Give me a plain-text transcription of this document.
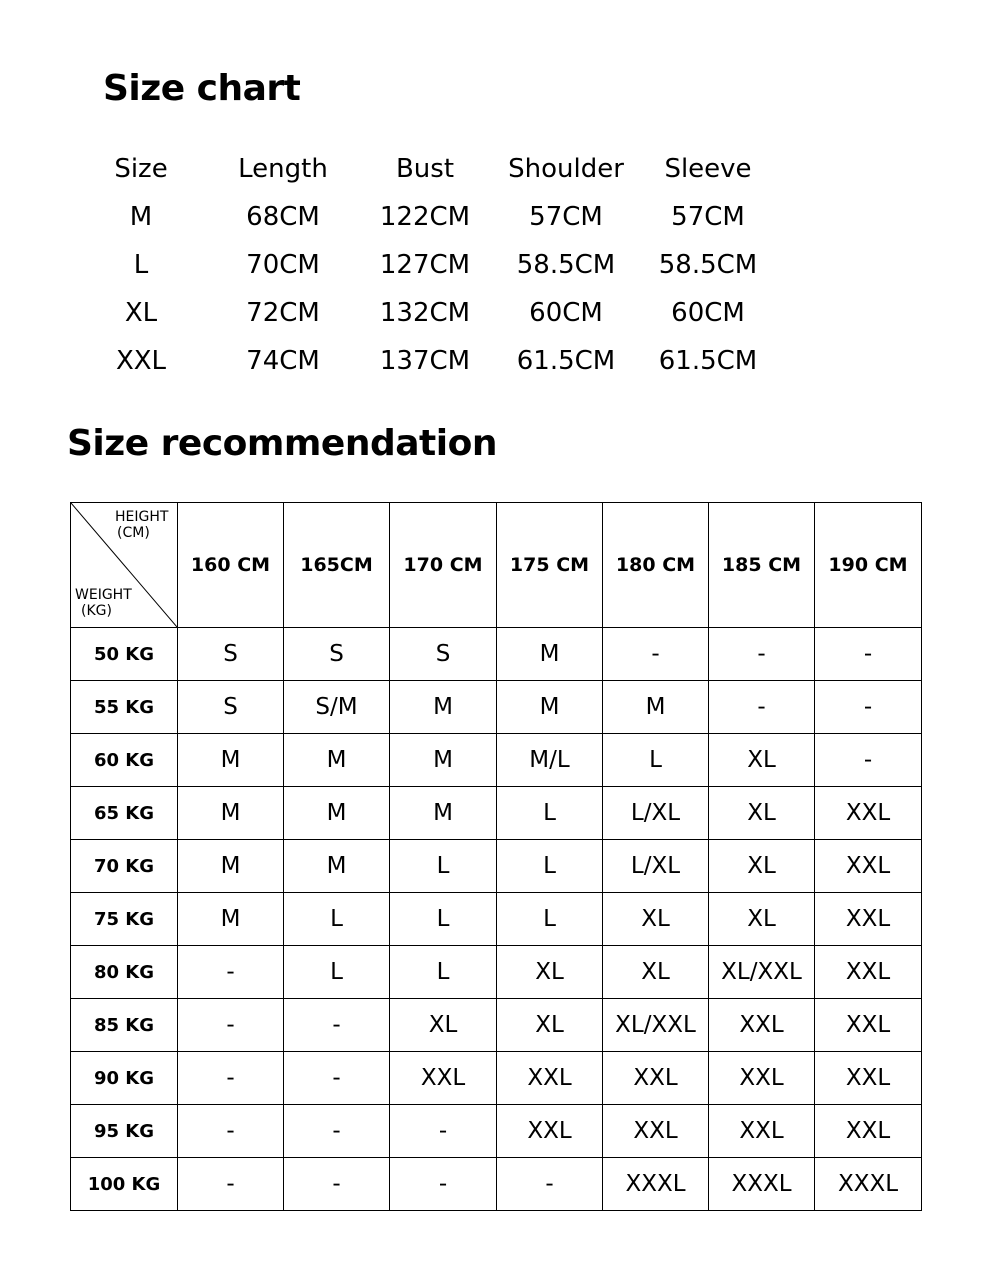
Size chart
Size	Length	Bust	Shoulder	Sleeve
M	68CM	122CM	57CM	57CM
L	70CM	127CM	58.5CM	58.5CM
XL	72CM	132CM	60CM	60CM
XXL	74CM	137CM	61.5CM	61.5CM
Size recommendation
HEIGHT
(CM)
WEIGHT
(KG)	160 CM	165CM	170 CM	175 CM	180 CM	185 CM	190 CM
50 KG	S	S	S	M	-	-	-
55 KG	S	S/M	M	M	M	-	-
60 KG	M	M	M	M/L	L	XL	-
65 KG	M	M	M	L	L/XL	XL	XXL
70 KG	M	M	L	L	L/XL	XL	XXL
75 KG	M	L	L	L	XL	XL	XXL
80 KG	-	L	L	XL	XL	XL/XXL	XXL
85 KG	-	-	XL	XL	XL/XXL	XXL	XXL
90 KG	-	-	XXL	XXL	XXL	XXL	XXL
95 KG	-	-	-	XXL	XXL	XXL	XXL
100 KG	-	-	-	-	XXXL	XXXL	XXXL
